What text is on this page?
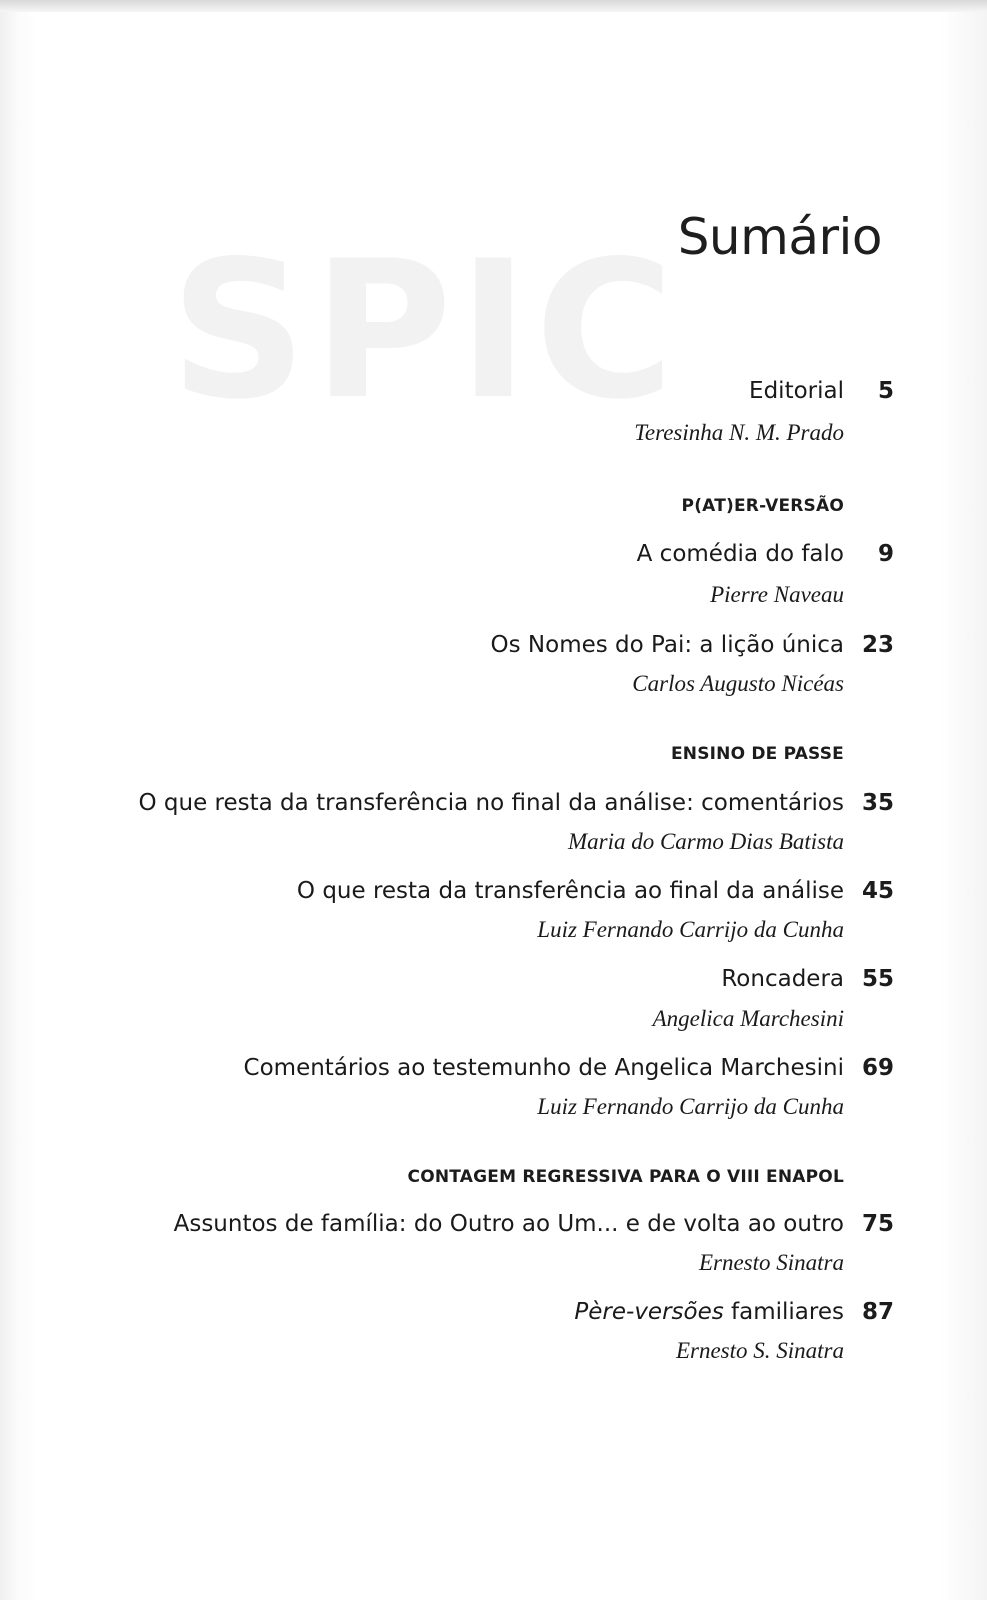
SPIC
Sumário
Editorial	5
Teresinha N. M. Prado
P(AT)ER-VERSÃO
A comédia do falo	9
Pierre Naveau
Os Nomes do Pai: a lição única 23
Carlos Augusto Nicéas
ENSINO DE PASSE
O que resta da transferência no final da análise: comentários 35
Maria do Carmo Dias Batista
O que resta da transferência ao final da análise 45
Luiz Fernando Carrijo da Cunha
Roncadera 55
Angelica Marchesini
Comentários ao testemunho de Angelica Marchesini 69
Luiz Fernando Carrijo da Cunha
CONTAGEM REGRESSIVA PARA O VIII ENAPOL
Assuntos de família: do Outro ao Um... e de volta ao outro 75
Ernesto Sinatra
Père-versões familiares 87
Ernesto S. Sinatra
